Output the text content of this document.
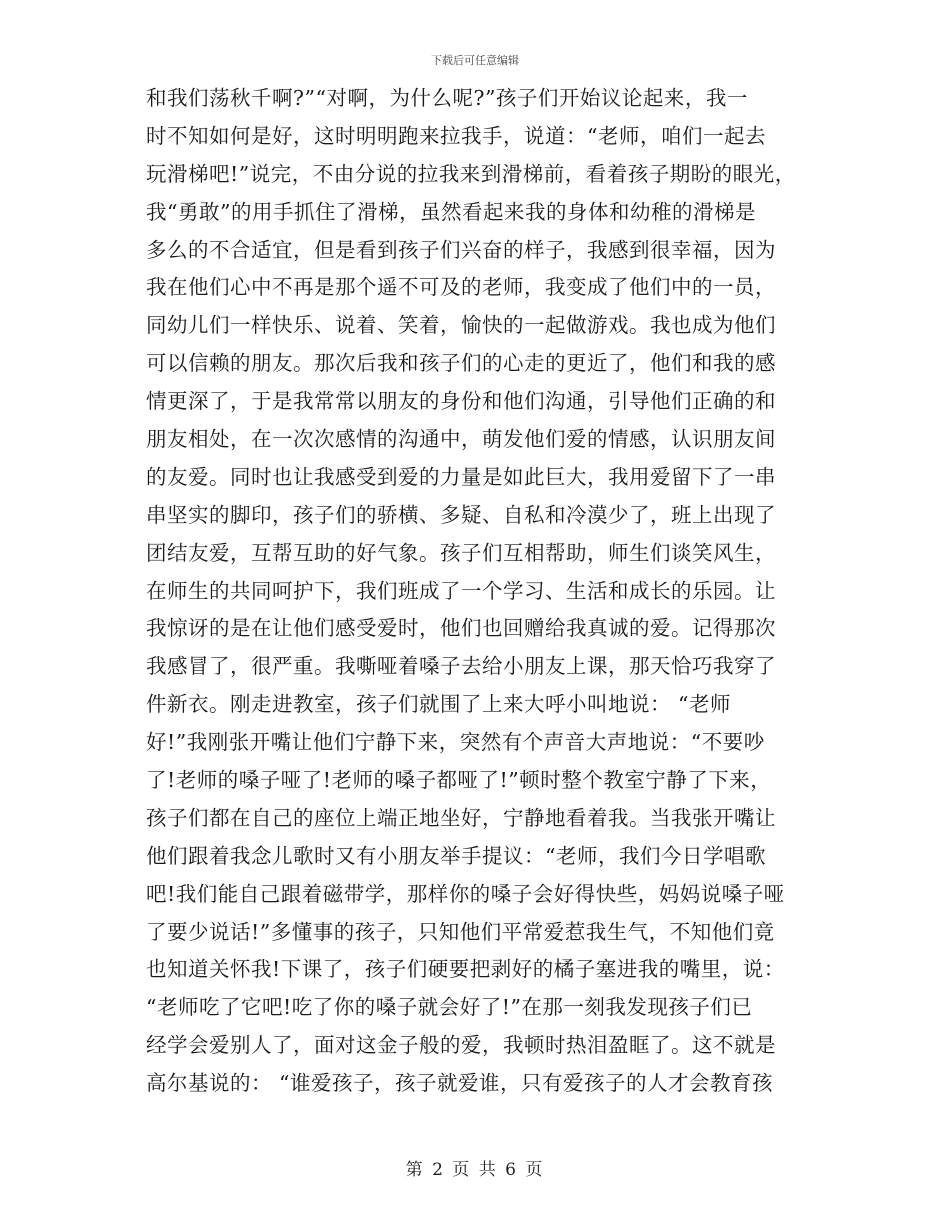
下载后可任意编辑
和我们荡秋千啊?”“对啊，为什么呢?”孩子们开始议论起来，我一
时不知如何是好，这时明明跑来拉我手，说道：“老师，咱们一起去
玩滑梯吧!”说完，不由分说的拉我来到滑梯前，看着孩子期盼的眼光，
我“勇敢”的用手抓住了滑梯，虽然看起来我的身体和幼稚的滑梯是
多么的不合适宜，但是看到孩子们兴奋的样子，我感到很幸福，因为
我在他们心中不再是那个遥不可及的老师，我变成了他们中的一员，
同幼儿们一样快乐、说着、笑着，愉快的一起做游戏。我也成为他们
可以信赖的朋友。那次后我和孩子们的心走的更近了，他们和我的感
情更深了，于是我常常以朋友的身份和他们沟通，引导他们正确的和
朋友相处，在一次次感情的沟通中，萌发他们爱的情感，认识朋友间
的友爱。同时也让我感受到爱的力量是如此巨大，我用爱留下了一串
串坚实的脚印，孩子们的骄横、多疑、自私和冷漠少了，班上出现了
团结友爱，互帮互助的好气象。孩子们互相帮助，师生们谈笑风生，
在师生的共同呵护下，我们班成了一个学习、生活和成长的乐园。让
我惊讶的是在让他们感受爱时，他们也回赠给我真诚的爱。记得那次
我感冒了，很严重。我嘶哑着嗓子去给小朋友上课，那天恰巧我穿了
件新衣。刚走进教室，孩子们就围了上来大呼小叫地说： “老师
好!”我刚张开嘴让他们宁静下来，突然有个声音大声地说：“不要吵
了!老师的嗓子哑了!老师的嗓子都哑了!”顿时整个教室宁静了下来，
孩子们都在自己的座位上端正地坐好，宁静地看着我。当我张开嘴让
他们跟着我念儿歌时又有小朋友举手提议：“老师，我们今日学唱歌
吧!我们能自己跟着磁带学，那样你的嗓子会好得快些，妈妈说嗓子哑
了要少说话!”多懂事的孩子，只知他们平常爱惹我生气，不知他们竟
也知道关怀我!下课了，孩子们硬要把剥好的橘子塞进我的嘴里，说：
“老师吃了它吧!吃了你的嗓子就会好了!”在那一刻我发现孩子们已
经学会爱别人了，面对这金子般的爱，我顿时热泪盈眶了。这不就是
高尔基说的： “谁爱孩子，孩子就爱谁，只有爱孩子的人才会教育孩
第 2 页 共 6 页
